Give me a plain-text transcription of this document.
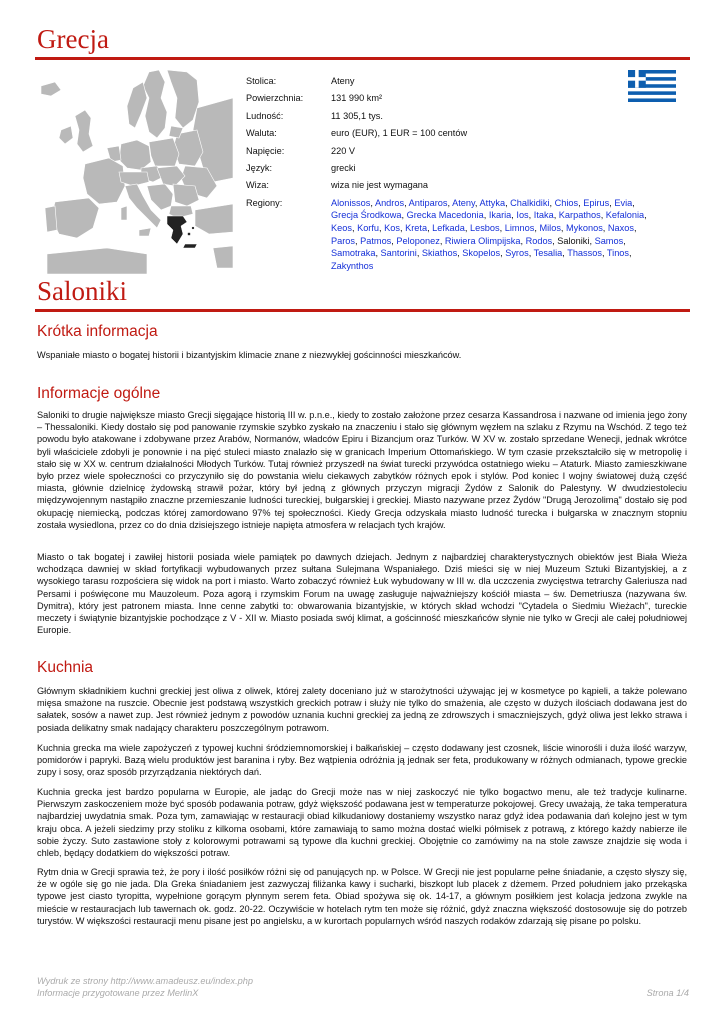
Grecja
Stolica:	Ateny
Powierzchnia:	131 990 km²
Ludność:	11 305,1 tys.
Waluta:	euro (EUR), 1 EUR = 100 centów
Napięcie:	220 V
Język:	grecki
Wiza:	wiza nie jest wymagana
Regiony:	Alonissos, Andros, Antiparos, Ateny, Attyka, Chalkidiki, Chios, Epirus, Evia, Grecja Środkowa, Grecka Macedonia, Ikaria, Ios, Itaka, Karpathos, Kefalonia, Keos, Korfu, Kos, Kreta, Lefkada, Lesbos, Limnos, Milos, Mykonos, Naxos, Paros, Patmos, Peloponez, Riwiera Olimpijska, Rodos, Saloniki, Samos, Samotraka, Santorini, Skiathos, Skopelos, Syros, Tesalia, Thassos, Tinos, Zakynthos
Saloniki
Krótka informacja

Wspaniałe miasto o bogatej historii i bizantyjskim klimacie znane z niezwykłej gościnności mieszkańców.

Informacje ogólne

Saloniki to drugie największe miasto Grecji sięgające historią III w. p.n.e., kiedy to zostało założone przez cesarza Kassandrosa i nazwane od imienia jego żony – Thessaloniki. Kiedy dostało się pod panowanie rzymskie szybko zyskało na znaczeniu i stało się głównym węzłem na szlaku z Rzymu na Wschód. Z tego też powodu było atakowane i zdobywane przez Arabów, Normanów, władców Epiru i Bizancjum oraz Turków. W XV w. zostało sprzedane Wenecji, jednak wkrótce byli właściciele zdobyli je ponownie i na pięć stuleci miasto znalazło się w granicach Imperium Ottomańskiego. W tym czasie przekształciło się w metropolię i stało się w XX w. centrum działalności Młodych Turków. Tutaj również przyszedł na świat turecki przywódca ostatniego wieku – Ataturk. Miasto zamieszkiwane było przez wiele społeczności co przyczyniło się do powstania wielu ciekawych zabytków różnych epok i stylów. Pod koniec I wojny światowej dużą część miasta, głównie dzielnicę żydowską strawił pożar, który był jedną z głównych przyczyn migracji Żydów z Salonik do Palestyny. W dwudziestoleciu międzywojennym nastąpiło znaczne przemieszanie ludności tureckiej, bułgarskiej i greckiej. Miasto nazywane przez Żydów "Drugą Jerozolimą" dostało się pod okupację niemiecką, podczas której zamordowano 97% tej społeczności. Kiedy Grecja odzyskała miasto ludność turecka i bułgarska w znacznym stopniu została wysiedlona, przez co do dnia dzisiejszego istnieje napięta atmosfera w relacjach tych krajów.

Miasto o tak bogatej i zawiłej historii posiada wiele pamiątek po dawnych dziejach. Jednym z najbardziej charakterystycznych obiektów jest Biała Wieża wchodząca dawniej w skład fortyfikacji wybudowanych przez sułtana Sulejmana Wspaniałego. Dziś mieści się w niej Muzeum Sztuki Bizantyjskiej, a z wysokiego tarasu rozpościera się widok na port i miasto. Warto zobaczyć również Łuk wybudowany w III w. dla uczczenia zwycięstwa tetrarchy Galeriusza nad Persami i poświęcone mu Mauzoleum. Poza agorą i rzymskim Forum na uwagę zasługuje najważniejszy kościół miasta – św. Demetriusza (nazywana św. Dymitra), który jest patronem miasta. Inne cenne zabytki to: obwarowania bizantyjskie, w których skład wchodzi "Cytadela o Siedmiu Wieżach", tureckie meczety i świątynie bizantyjskie pochodzące z V - XII w. Miasto posiada swój klimat, a gościnność mieszkańców słynie nie tylko w Grecji ale całej południowej Europie.

Kuchnia

Głównym składnikiem kuchni greckiej jest oliwa z oliwek, której zalety doceniano już w starożytności używając jej w kosmetyce po kąpieli, a także polewano mięsa smażone na ruszcie. Obecnie jest podstawą wszystkich greckich potraw i służy nie tylko do smażenia, ale często w dużych ilościach dodawana jest do sałatek, sosów a nawet zup. Jest również jednym z powodów uznania kuchni greckiej za jedną ze zdrowszych i smaczniejszych, gdyż oliwa jest lekko strawa i posiada delikatny smak nadający charakteru poszczególnym potrawom.

Kuchnia grecka ma wiele zapożyczeń z typowej kuchni śródziemnomorskiej i bałkańskiej – często dodawany jest czosnek, liście winorośli i duża ilość warzyw, pomidorów i papryki. Bazą wielu produktów jest baranina i ryby. Bez wątpienia odróżnia ją jednak ser feta, produkowany w różnych odmianach, typowe greckie zupy i sosy, oraz sposób przyrządzania niektórych dań.

Kuchnia grecka jest bardzo popularna w Europie, ale jadąc do Grecji może nas w niej zaskoczyć nie tylko bogactwo menu, ale też tradycje kulinarne. Pierwszym zaskoczeniem może być sposób podawania potraw, gdyż większość podawana jest w temperaturze pokojowej. Grecy uważają, że taka temperatura najbardziej uwydatnia smak. Poza tym, zamawiając w restauracji obiad kilkudaniowy dostaniemy wszystko naraz gdyż idea podawania dań kolejno jest w tym kraju obca. A jeżeli siedzimy przy stoliku z kilkoma osobami, które zamawiają to samo można dostać wielki półmisek z potrawą, z którego każdy nabierze ile sobie życzy. Suto zastawione stoły z kolorowymi potrawami są typowe dla kuchni greckiej. Obojętnie co zamówimy na na stole zawsze znajdzie się woda i chleb, będący dodatkiem do większości potraw.

Rytm dnia w Grecji sprawia też, że pory i ilość posiłków różni się od panujących np. w Polsce. W Grecji nie jest popularne pełne śniadanie, a często słyszy się, że w ogóle się go nie jada. Dla Greka śniadaniem jest zazwyczaj filiżanka kawy i sucharki, biszkopt lub placek z dżemem. Przed południem jako przekąska typowe jest ciasto tyropitta, wypełnione gorącym płynnym serem feta. Obiad spożywa się ok. 14-17, a głównym posiłkiem jest kolacja jedzona zwykle na mieście w restauracjach lub tawernach ok. godz. 20-22. Oczywiście w hotelach rytm ten może się różnić, gdyż znaczna większość dostosowuje się do potrzeb turystów. W większości restauracji menu pisane jest po angielsku, a w kurortach popularnych wśród naszych rodaków zdarzają się pisane po polsku.

Wydruk ze strony http://www.amadeusz.eu/index.php
Informacje przygotowane przez MerlinX	Strona 1/4
